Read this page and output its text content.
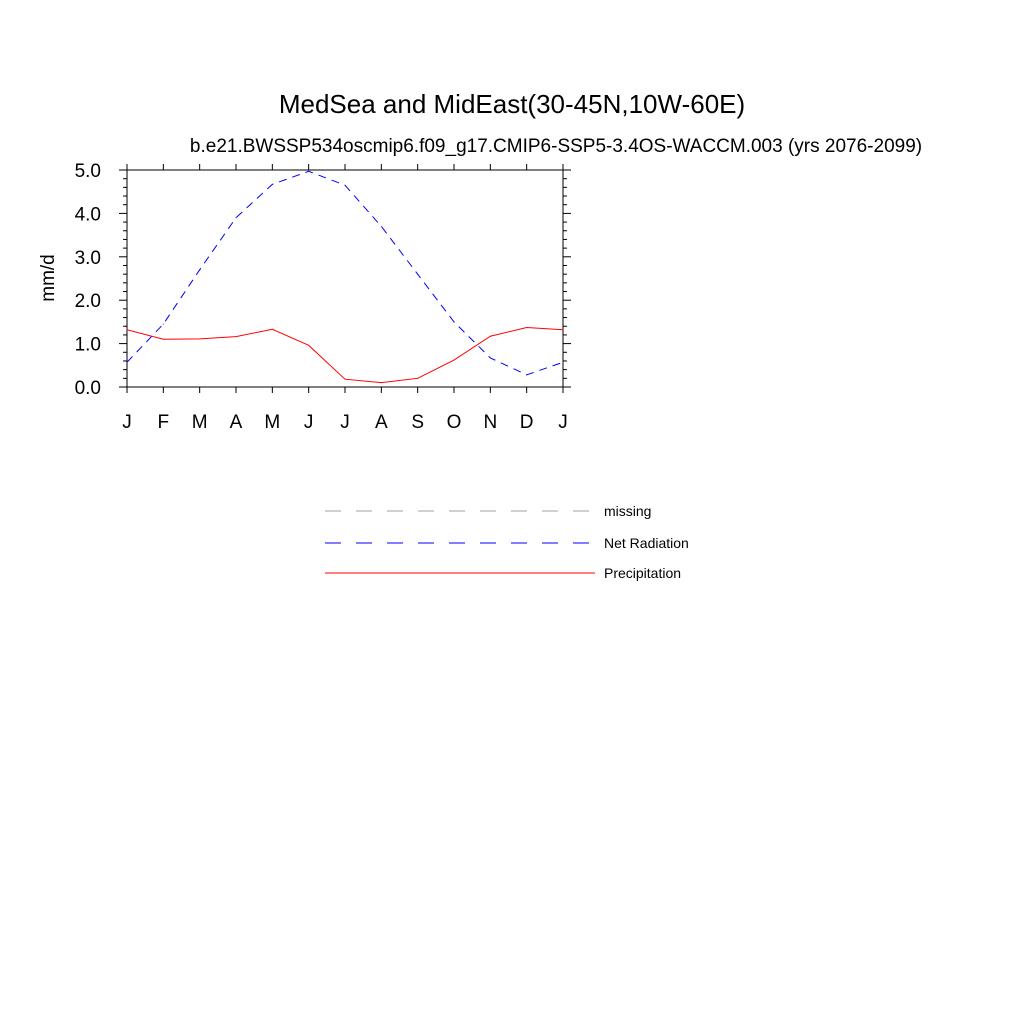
MedSea and MidEast(30-45N,10W-60E)
b.e21.BWSSP534oscmip6.f09_g17.CMIP6-SSP5-3.4OS-WACCM.003 (yrs 2076-2099)
mm/d
J F M A M J J A S O N D J
0.0
1.0
2.0
3.0
4.0
5.0
missing
Net Radiation
Precipitation
